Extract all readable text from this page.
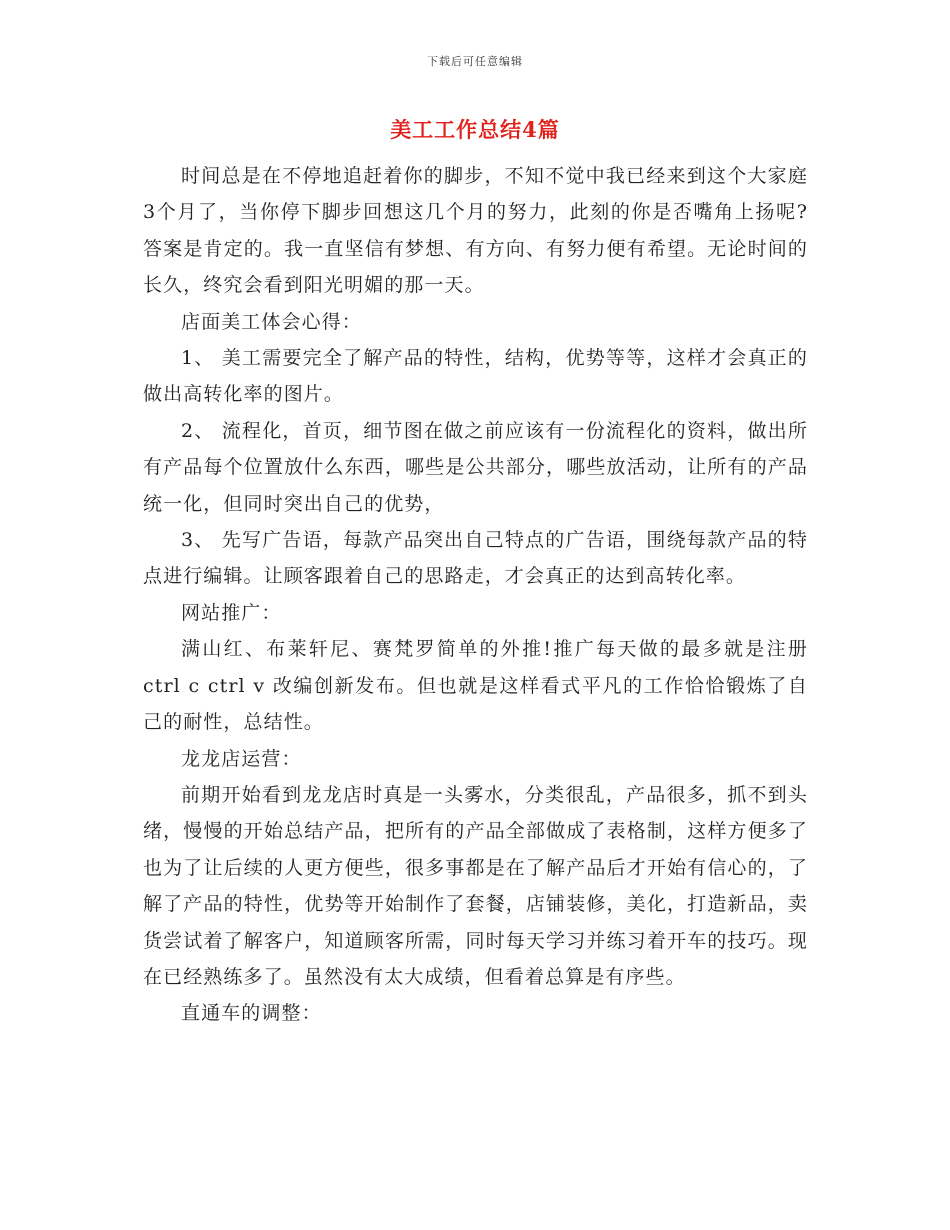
下载后可任意编辑
美工工作总结4篇

时间总是在不停地追赶着你的脚步，不知不觉中我已经来到这个大家庭3个月了，当你停下脚步回想这几个月的努力，此刻的你是否嘴角上扬呢?答案是肯定的。我一直坚信有梦想、有方向、有努力便有希望。无论时间的长久，终究会看到阳光明媚的那一天。

店面美工体会心得：

1、 美工需要完全了解产品的特性，结构，优势等等，这样才会真正的做出高转化率的图片。

2、 流程化，首页，细节图在做之前应该有一份流程化的资料，做出所有产品每个位置放什么东西，哪些是公共部分，哪些放活动，让所有的产品统一化，但同时突出自己的优势，

3、 先写广告语，每款产品突出自己特点的广告语，围绕每款产品的特点进行编辑。让顾客跟着自己的思路走，才会真正的达到高转化率。

网站推广：

满山红、布莱轩尼、赛梵罗简单的外推!推广每天做的最多就是注册 ctrl c ctrl v 改编创新发布。但也就是这样看式平凡的工作恰恰锻炼了自己的耐性，总结性。

龙龙店运营：

前期开始看到龙龙店时真是一头雾水，分类很乱，产品很多，抓不到头绪，慢慢的开始总结产品，把所有的产品全部做成了表格制，这样方便多了也为了让后续的人更方便些，很多事都是在了解产品后才开始有信心的，了解了产品的特性，优势等开始制作了套餐，店铺装修，美化，打造新品，卖货尝试着了解客户，知道顾客所需，同时每天学习并练习着开车的技巧。现在已经熟练多了。虽然没有太大成绩，但看着总算是有序些。

直通车的调整：
